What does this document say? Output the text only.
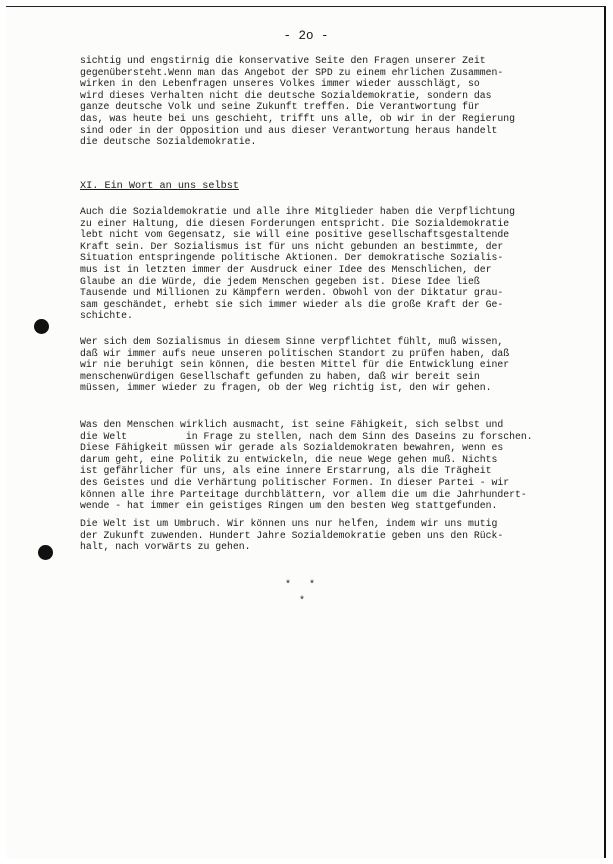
- 2o -
sichtig und engstirnig die konservative Seite den Fragen unserer Zeit
gegenübersteht.Wenn man das Angebot der SPD zu einem ehrlichen Zusammen-
wirken in den Lebenfragen unseres Volkes immer wieder ausschlägt, so
wird dieses Verhalten nicht die deutsche Sozialdemokratie, sondern das
ganze deutsche Volk und seine Zukunft treffen. Die Verantwortung für
das, was heute bei uns geschieht, trifft uns alle, ob wir in der Regierung
sind oder in der Opposition und aus dieser Verantwortung heraus handelt
die deutsche Sozialdemokratie.
XI. Ein Wort an uns selbst
Auch die Sozialdemokratie und alle ihre Mitglieder haben die Verpflichtung
zu einer Haltung, die diesen Forderungen entspricht. Die Sozialdemokratie
lebt nicht vom Gegensatz, sie will eine positive gesellschaftsgestaltende
Kraft sein. Der Sozialismus ist für uns nicht gebunden an bestimmte, der
Situation entspringende politische Aktionen. Der demokratische Sozialis-
mus ist in letzten immer der Ausdruck einer Idee des Menschlichen, der
Glaube an die Würde, die jedem Menschen gegeben ist. Diese Idee ließ
Tausende und Millionen zu Kämpfern werden. Obwohl von der Diktatur grau-
sam geschändet, erhebt sie sich immer wieder als die große Kraft der Ge-
schichte.
Wer sich dem Sozialismus in diesem Sinne verpflichtet fühlt, muß wissen,
daß wir immer aufs neue unseren politischen Standort zu prüfen haben, daß
wir nie beruhigt sein können, die besten Mittel für die Entwicklung einer
menschenwürdigen Gesellschaft gefunden zu haben, daß wir bereit sein
müssen, immer wieder zu fragen, ob der Weg richtig ist, den wir gehen.
Was den Menschen wirklich ausmacht, ist seine Fähigkeit, sich selbst und
die Welt          in Frage zu stellen, nach dem Sinn des Daseins zu forschen.
Diese Fähigkeit müssen wir gerade als Sozialdemokraten bewahren, wenn es
darum geht, eine Politik zu entwickeln, die neue Wege gehen muß. Nichts
ist gefährlicher für uns, als eine innere Erstarrung, als die Trägheit
des Geistes und die Verhärtung politischer Formen. In dieser Partei - wir
können alle ihre Parteitage durchblättern, vor allem die um die Jahrhundert-
wende - hat immer ein geistiges Ringen um den besten Weg stattgefunden.
Die Welt ist um Umbruch. Wir können uns nur helfen, indem wir uns mutig
der Zukunft zuwenden. Hundert Jahre Sozialdemokratie geben uns den Rück-
halt, nach vorwärts zu gehen.
*   *
*
